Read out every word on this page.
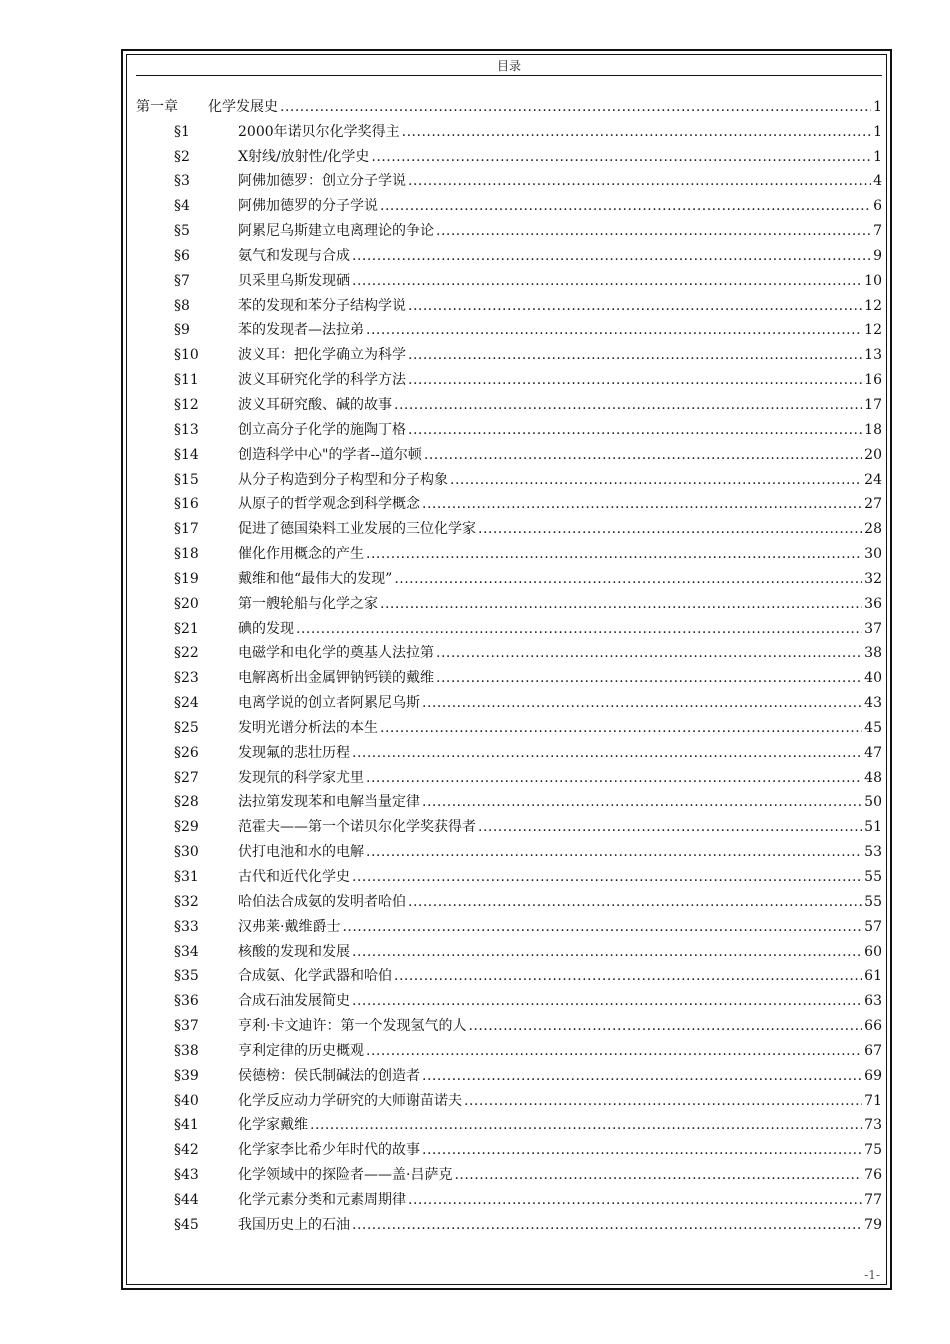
目录
第一章	化学发展史 .....	1
§1	2000年诺贝尔化学奖得主 .....	1
§2	X射线/放射性/化学史 .....	1
§3	阿佛加德罗：创立分子学说 .....	4
§4	阿佛加德罗的分子学说 .....	6
§5	阿累尼乌斯建立电离理论的争论 .....	7
§6	氨气和发现与合成 .....	9
§7	贝采里乌斯发现硒 .....	10
§8	苯的发现和苯分子结构学说 .....	12
§9	苯的发现者—法拉弟 .....	12
§10	波义耳：把化学确立为科学 .....	13
§11	波义耳研究化学的科学方法 .....	16
§12	波义耳研究酸、碱的故事 .....	17
§13	创立高分子化学的施陶丁格 .....	18
§14	创造科学中心"的学者--道尔顿 .....	20
§15	从分子构造到分子构型和分子构象 .....	24
§16	从原子的哲学观念到科学概念 .....	27
§17	促进了德国染料工业发展的三位化学家 .....	28
§18	催化作用概念的产生 .....	30
§19	戴维和他“最伟大的发现” .....	32
§20	第一艘轮船与化学之家 .....	36
§21	碘的发现 .....	37
§22	电磁学和电化学的奠基人法拉第 .....	38
§23	电解离析出金属钾钠钙镁的戴维 .....	40
§24	电离学说的创立者阿累尼乌斯 .....	43
§25	发明光谱分析法的本生 .....	45
§26	发现氟的悲壮历程 .....	47
§27	发现氘的科学家尤里 .....	48
§28	法拉第发现苯和电解当量定律 .....	50
§29	范霍夫——第一个诺贝尔化学奖获得者 .....	51
§30	伏打电池和水的电解 .....	53
§31	古代和近代化学史 .....	55
§32	哈伯法合成氨的发明者哈伯 .....	55
§33	汉弗莱·戴维爵士 .....	57
§34	核酸的发现和发展 .....	60
§35	合成氨、化学武器和哈伯 .....	61
§36	合成石油发展简史 .....	63
§37	亨利·卡文迪许：第一个发现氢气的人 .....	66
§38	亨利定律的历史概观 .....	67
§39	侯德榜：侯氏制碱法的创造者 .....	69
§40	化学反应动力学研究的大师谢苗诺夫 .....	71
§41	化学家戴维 .....	73
§42	化学家李比希少年时代的故事 .....	75
§43	化学领域中的探险者——盖·吕萨克 .....	76
§44	化学元素分类和元素周期律 .....	77
§45	我国历史上的石油 .....	79
-1-
